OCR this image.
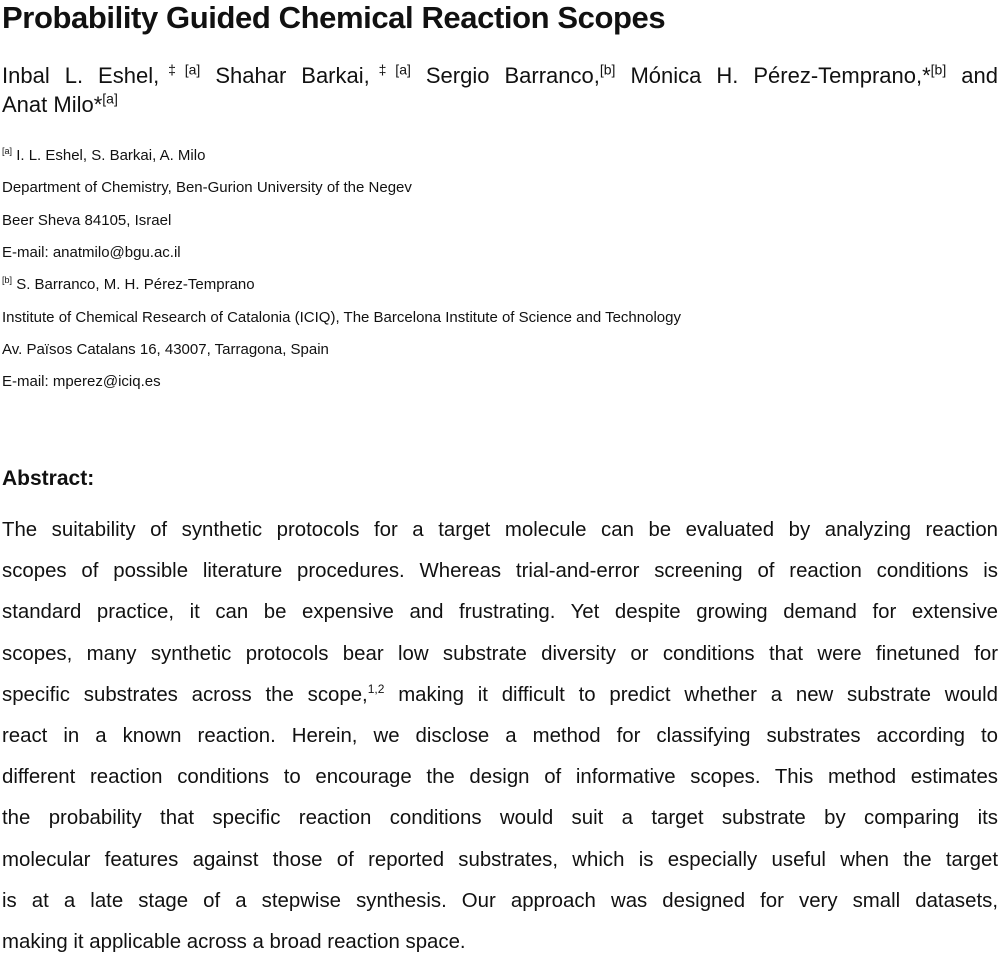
Probability Guided Chemical Reaction Scopes
Inbal L. Eshel,$^{\ddagger[a]}$ Shahar Barkai,$^{\ddagger[a]}$ Sergio Barranco,[b] Mónica H. Pérez-Temprano,*[b] and
Anat Milo*[a]
[a] I. L. Eshel, S. Barkai, A. Milo
Department of Chemistry, Ben-Gurion University of the Negev
Beer Sheva 84105, Israel
E-mail: anatmilo@bgu.ac.il
[b] S. Barranco, M. H. Pérez-Temprano
Institute of Chemical Research of Catalonia (ICIQ), The Barcelona Institute of Science and Technology
Av. Països Catalans 16, 43007, Tarragona, Spain
E-mail: mperez@iciq.es
Abstract:
The suitability of synthetic protocols for a target molecule can be evaluated by analyzing reaction
scopes of possible literature procedures. Whereas trial-and-error screening of reaction conditions is
standard practice, it can be expensive and frustrating. Yet despite growing demand for extensive
scopes, many synthetic protocols bear low substrate diversity or conditions that were finetuned for
specific substrates across the scope,$^{1,2}$ making it difficult to predict whether a new substrate would
react in a known reaction. Herein, we disclose a method for classifying substrates according to
different reaction conditions to encourage the design of informative scopes. This method estimates
the probability that specific reaction conditions would suit a target substrate by comparing its
molecular features against those of reported substrates, which is especially useful when the target
is at a late stage of a stepwise synthesis. Our approach was designed for very small datasets,
making it applicable across a broad reaction space.
